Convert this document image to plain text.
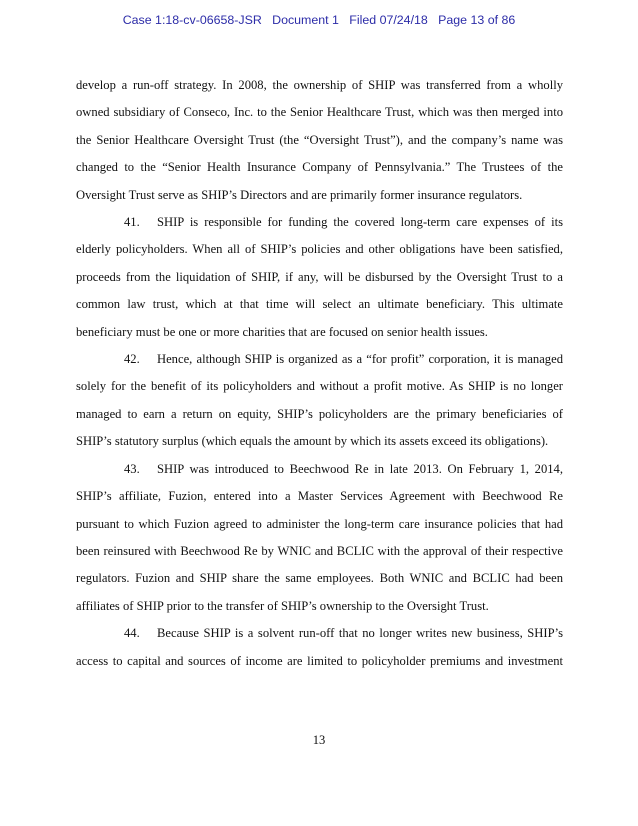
Case 1:18-cv-06658-JSR   Document 1   Filed 07/24/18   Page 13 of 86

develop a run-off strategy. In 2008, the ownership of SHIP was transferred from a wholly owned subsidiary of Conseco, Inc. to the Senior Healthcare Trust, which was then merged into the Senior Healthcare Oversight Trust (the “Oversight Trust”), and the company’s name was changed to the “Senior Health Insurance Company of Pennsylvania.” The Trustees of the Oversight Trust serve as SHIP’s Directors and are primarily former insurance regulators.

41. SHIP is responsible for funding the covered long-term care expenses of its elderly policyholders. When all of SHIP’s policies and other obligations have been satisfied, proceeds from the liquidation of SHIP, if any, will be disbursed by the Oversight Trust to a common law trust, which at that time will select an ultimate beneficiary. This ultimate beneficiary must be one or more charities that are focused on senior health issues.

42. Hence, although SHIP is organized as a “for profit” corporation, it is managed solely for the benefit of its policyholders and without a profit motive. As SHIP is no longer managed to earn a return on equity, SHIP’s policyholders are the primary beneficiaries of SHIP’s statutory surplus (which equals the amount by which its assets exceed its obligations).

43. SHIP was introduced to Beechwood Re in late 2013. On February 1, 2014, SHIP’s affiliate, Fuzion, entered into a Master Services Agreement with Beechwood Re pursuant to which Fuzion agreed to administer the long-term care insurance policies that had been reinsured with Beechwood Re by WNIC and BCLIC with the approval of their respective regulators. Fuzion and SHIP share the same employees. Both WNIC and BCLIC had been affiliates of SHIP prior to the transfer of SHIP’s ownership to the Oversight Trust.

44. Because SHIP is a solvent run-off that no longer writes new business, SHIP’s access to capital and sources of income are limited to policyholder premiums and investment

13
